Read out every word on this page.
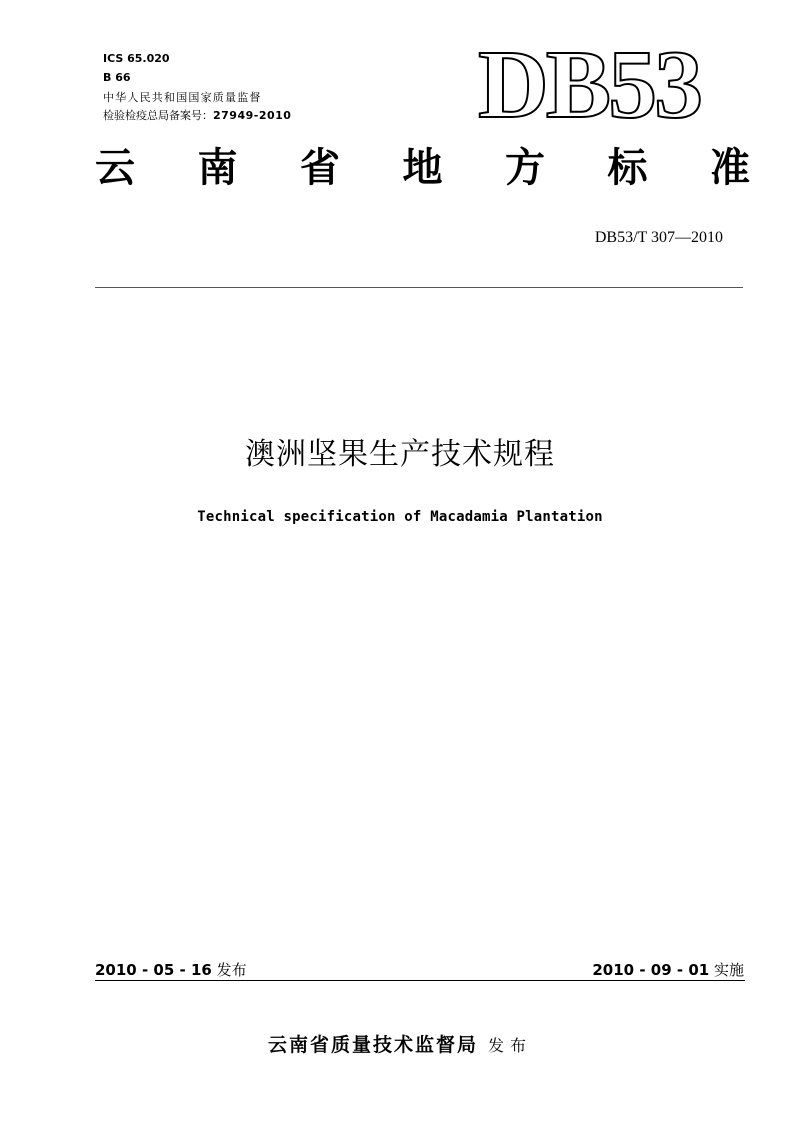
ICS 65.020
B 66
中华人民共和国国家质量监督
检验检疫总局备案号：27949-2010 DB53
云 南 省 地 方 标 准
DB53/T 307—2010
澳洲坚果生产技术规程
Technical specification of Macadamia Plantation
2010 - 05 - 16 发布	2010 - 09 - 01 实施
云南省质量技术监督局 发布
